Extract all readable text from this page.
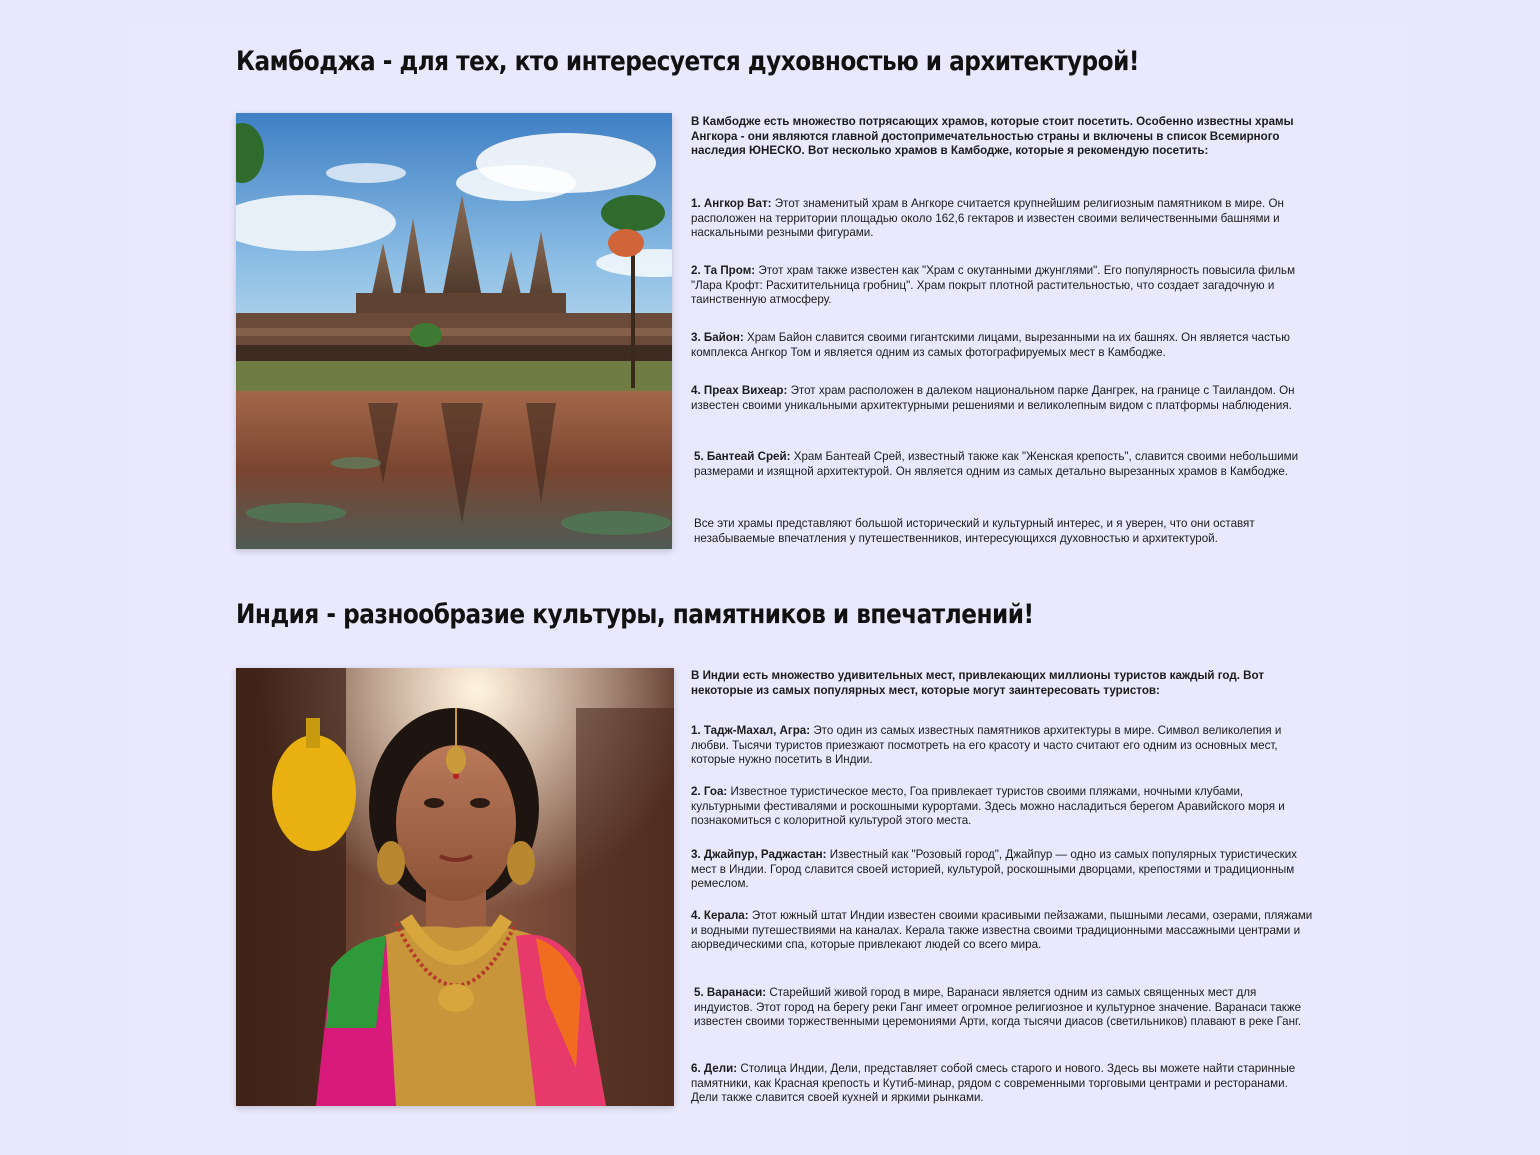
Камбоджа - для тех, кто интересуется духовностью и архитектурой!

В Камбодже есть множество потрясающих храмов, которые стоит посетить. Особенно известны храмы Ангкора - они являются главной достопримечательностью страны и включены в список Всемирного наследия ЮНЕСКО. Вот несколько храмов в Камбодже, которые я рекомендую посетить:

1. Ангкор Ват: Этот знаменитый храм в Ангкоре считается крупнейшим религиозным памятником в мире. Он расположен на территории площадью около 162,6 гектаров и известен своими величественными башнями и наскальными резными фигурами.

2. Та Пром: Этот храм также известен как "Храм с окутанными джунглями". Его популярность повысила фильм "Лара Крофт: Расхитительница гробниц". Храм покрыт плотной растительностью, что создает загадочную и таинственную атмосферу.

3. Байон: Храм Байон славится своими гигантскими лицами, вырезанными на их башнях. Он является частью комплекса Ангкор Том и является одним из самых фотографируемых мест в Камбодже.

4. Преах Вихеар: Этот храм расположен в далеком национальном парке Дангрек, на границе с Таиландом. Он известен своими уникальными архитектурными решениями и великолепным видом с платформы наблюдения.

5. Бантеай Срей: Храм Бантеай Срей, известный также как "Женская крепость", славится своими небольшими размерами и изящной архитектурой. Он является одним из самых детально вырезанных храмов в Камбодже.

Все эти храмы представляют большой исторический и культурный интерес, и я уверен, что они оставят незабываемые впечатления у путешественников, интересующихся духовностью и архитектурой.

Индия - разнообразие культуры, памятников и впечатлений!

В Индии есть множество удивительных мест, привлекающих миллионы туристов каждый год. Вот некоторые из самых популярных мест, которые могут заинтересовать туристов:

1. Тадж-Махал, Агра: Это один из самых известных памятников архитектуры в мире. Символ великолепия и любви. Тысячи туристов приезжают посмотреть на его красоту и часто считают его одним из основных мест, которые нужно посетить в Индии.

2. Гоа: Известное туристическое место, Гоа привлекает туристов своими пляжами, ночными клубами, культурными фестивалями и роскошными курортами. Здесь можно насладиться берегом Аравийского моря и познакомиться с колоритной культурой этого места.

3. Джайпур, Раджастан: Известный как "Розовый город", Джайпур — одно из самых популярных туристических мест в Индии. Город славится своей историей, культурой, роскошными дворцами, крепостями и традиционным ремеслом.

4. Керала: Этот южный штат Индии известен своими красивыми пейзажами, пышными лесами, озерами, пляжами и водными путешествиями на каналах. Керала также известна своими традиционными массажными центрами и аюрведическими спа, которые привлекают людей со всего мира.

5. Варанаси: Старейший живой город в мире, Варанаси является одним из самых священных мест для индуистов. Этот город на берегу реки Ганг имеет огромное религиозное и культурное значение. Варанаси также известен своими торжественными церемониями Арти, когда тысячи диасов (светильников) плавают в реке Ганг.

6. Дели: Столица Индии, Дели, представляет собой смесь старого и нового. Здесь вы можете найти старинные памятники, как Красная крепость и Кутиб-минар, рядом с современными торговыми центрами и ресторанами. Дели также славится своей кухней и яркими рынками.
